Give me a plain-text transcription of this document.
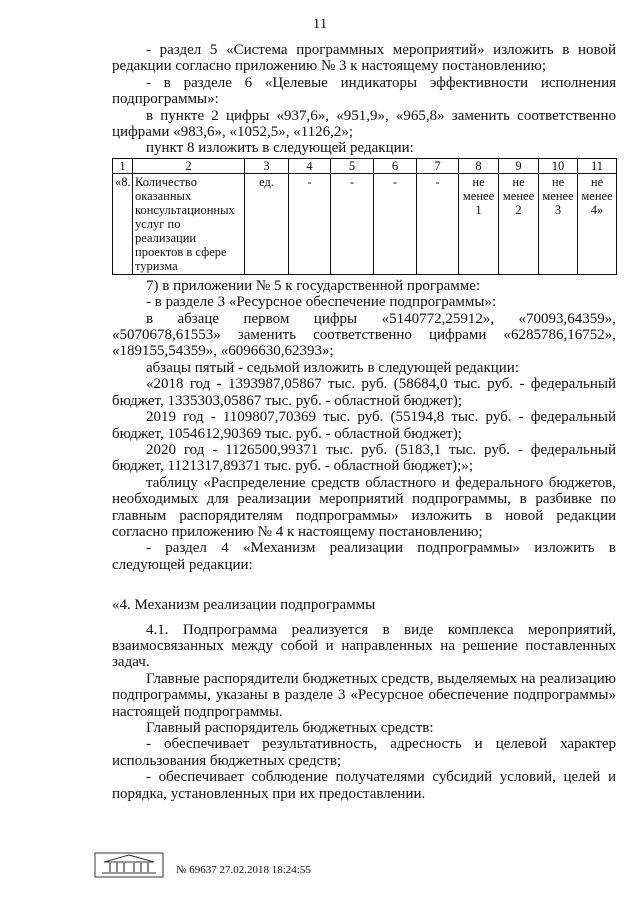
11

- раздел 5 «Система программных мероприятий» изложить в новой редакции согласно приложению № 3 к настоящему постановлению;

- в разделе 6 «Целевые индикаторы эффективности исполнения подпрограммы»:

в пункте 2 цифры «937,6», «951,9», «965,8» заменить соответственно цифрами «983,6», «1052,5», «1126,2»;

пункт 8 изложить в следующей редакции:

1	2	3	4	5	6	7	8	9	10	11
«8.	Количество оказанных консультационных услуг по реализации проектов в сфере туризма	ед.	-	-	-	-	не менее 1	не менее 2	не менее 3	не менее 4»

7) в приложении № 5 к государственной программе:

- в разделе 3 «Ресурсное обеспечение подпрограммы»:

в абзаце первом цифры «5140772,25912», «70093,64359», «5070678,61553» заменить соответственно цифрами «6285786,16752», «189155,54359», «6096630,62393»;

абзацы пятый - седьмой изложить в следующей редакции:

«2018 год - 1393987,05867 тыс. руб. (58684,0 тыс. руб. - федеральный бюджет, 1335303,05867 тыс. руб. - областной бюджет);

2019 год - 1109807,70369 тыс. руб. (55194,8 тыс. руб. - федеральный бюджет, 1054612,90369 тыс. руб. - областной бюджет);

2020 год - 1126500,99371 тыс. руб. (5183,1 тыс. руб. - федеральный бюджет, 1121317,89371 тыс. руб. - областной бюджет);»;

таблицу «Распределение средств областного и федерального бюджетов, необходимых для реализации мероприятий подпрограммы, в разбивке по главным распорядителям подпрограммы» изложить в новой редакции согласно приложению № 4 к настоящему постановлению;

- раздел 4 «Механизм реализации подпрограммы» изложить в следующей редакции:

«4. Механизм реализации подпрограммы

4.1. Подпрограмма реализуется в виде комплекса мероприятий, взаимосвязанных между собой и направленных на решение поставленных задач.

Главные распорядители бюджетных средств, выделяемых на реализацию подпрограммы, указаны в разделе 3 «Ресурсное обеспечение подпрограммы» настоящей подпрограммы.

Главный распорядитель бюджетных средств:

- обеспечивает результативность, адресность и целевой характер использования бюджетных средств;

- обеспечивает соблюдение получателями субсидий условий, целей и порядка, установленных при их предоставлении.

№ 69637 27.02.2018 18:24:55
